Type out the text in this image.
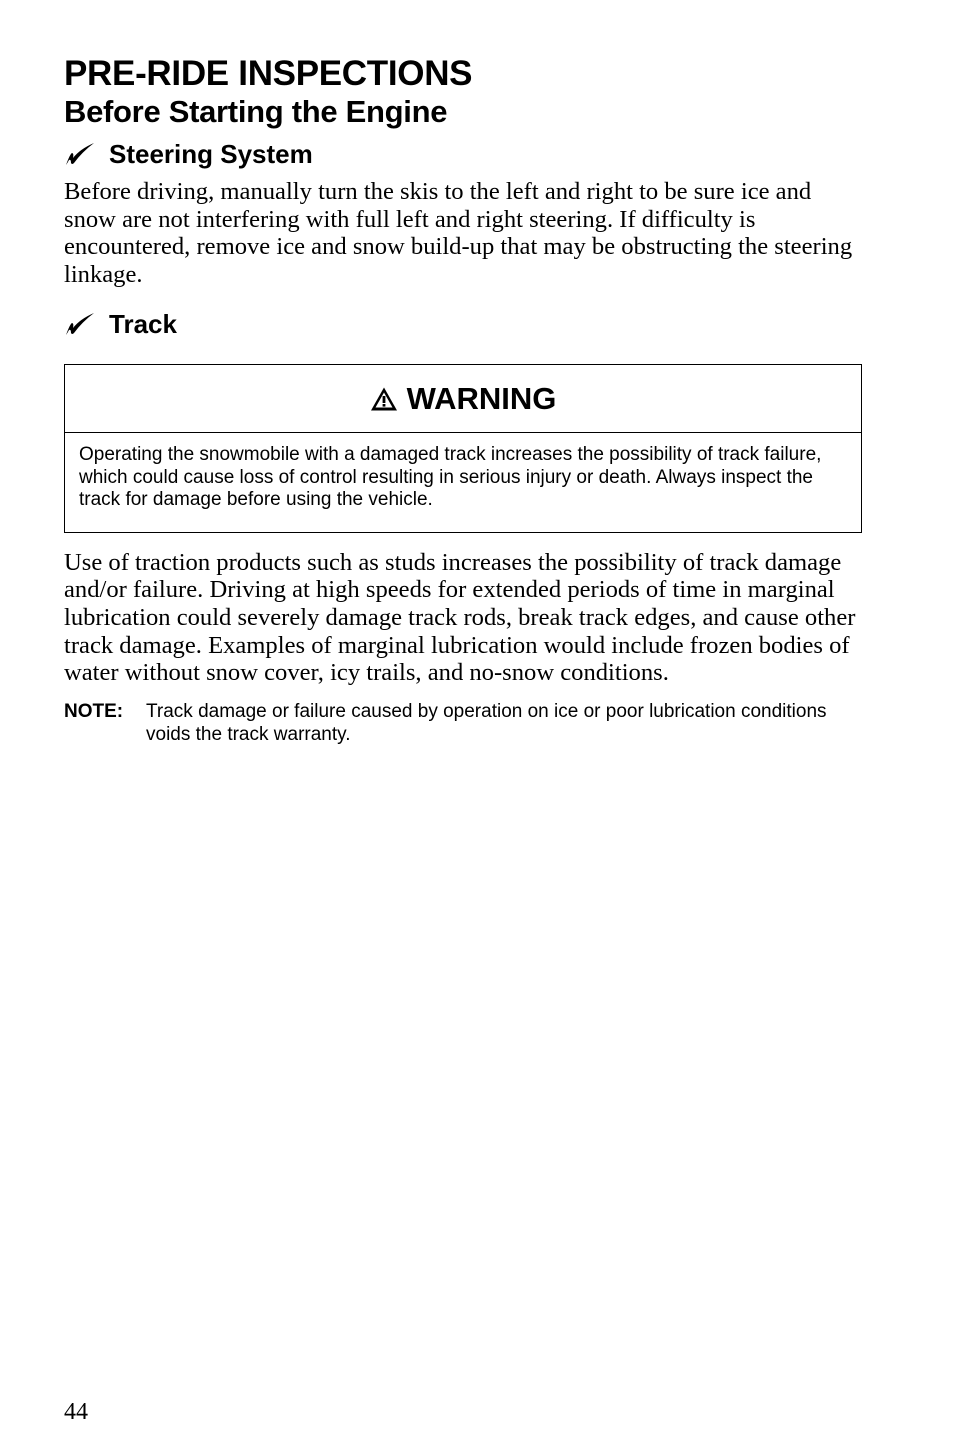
PRE-RIDE INSPECTIONS
Before Starting the Engine
Steering System

Before driving, manually turn the skis to the left and right to be sure ice and snow are not interfering with full left and right steering. If difficulty is encountered, remove ice and snow build-up that may be obstructing the steering linkage.

Track
WARNING
Operating the snowmobile with a damaged track increases the possibility of track failure, which could cause loss of control resulting in serious injury or death. Always inspect the track for damage before using the vehicle.

Use of traction products such as studs increases the possibility of track damage and/or failure. Driving at high speeds for extended periods of time in marginal lubrication could severely damage track rods, break track edges, and cause other track damage. Examples of marginal lubrication would include frozen bodies of water without snow cover, icy trails, and no-snow conditions.

NOTE:	Track damage or failure caused by operation on ice or poor lubrication conditions voids the track warranty.
44
